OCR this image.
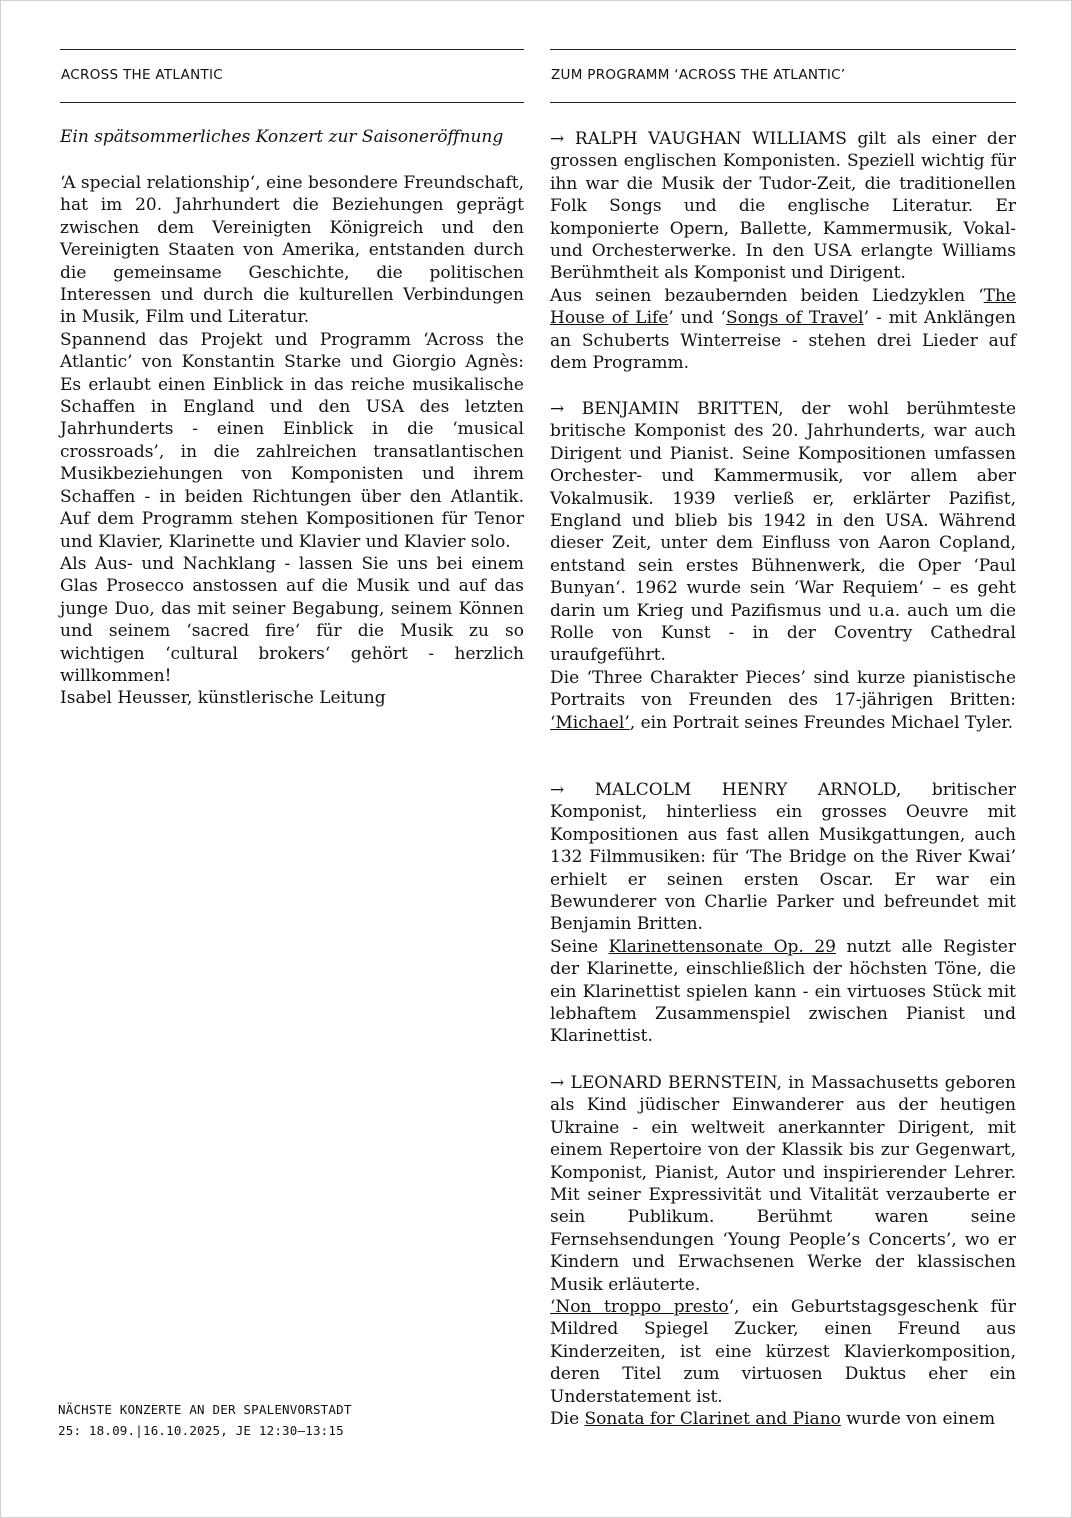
ACROSS THE ATLANTIC
Ein spätsommerliches Konzert zur Saisoneröffnung

‘A special relationship‘, eine besondere Freundschaft, hat im 20. Jahrhundert die Beziehungen geprägt zwischen dem Vereinigten Königreich und den Vereinigten Staaten von Amerika, entstanden durch die gemeinsame Geschichte, die politischen Interessen und durch die kulturellen Verbindungen in Musik, Film und Literatur.

Spannend das Projekt und Programm ‘Across the Atlantic’ von Konstantin Starke und Giorgio Agnès: Es erlaubt einen Einblick in das reiche musikalische Schaffen in England und den USA des letzten Jahrhunderts - einen Einblick in die ‘musical crossroads’, in die zahlreichen transatlantischen Musikbeziehungen von Komponisten und ihrem Schaffen - in beiden Richtungen über den Atlantik. Auf dem Programm stehen Kompositionen für Tenor und Klavier, Klarinette und Klavier und Klavier solo.

Als Aus- und Nachklang - lassen Sie uns bei einem Glas Prosecco anstossen auf die Musik und auf das junge Duo, das mit seiner Begabung, seinem Können und seinem ‘sacred fire‘ für die Musik zu so wichtigen ‘cultural brokers‘ gehört - herzlich willkommen!

Isabel Heusser, künstlerische Leitung

NÄCHSTE KONZERTE AN DER SPALENVORSTADT
25: 18.09.|16.10.2025, JE 12:30–13:15
ZUM PROGRAMM ‘ACROSS THE ATLANTIC’

→ RALPH VAUGHAN WILLIAMS gilt als einer der grossen englischen Komponisten. Speziell wichtig für ihn war die Musik der Tudor-Zeit, die traditionellen Folk Songs und die englische Literatur. Er komponierte Opern, Ballette, Kammermusik, Vokal- und Orchesterwerke. In den USA erlangte Williams Berühmtheit als Komponist und Dirigent.

Aus seinen bezaubernden beiden Liedzyklen ‘The House of Life’ und ‘Songs of Travel’ - mit Anklängen an Schuberts Winterreise - stehen drei Lieder auf dem Programm.

→ BENJAMIN BRITTEN, der wohl berühmteste britische Komponist des 20. Jahrhunderts, war auch Dirigent und Pianist. Seine Kompositionen umfassen Orchester- und Kammermusik, vor allem aber Vokalmusik. 1939 verließ er, erklärter Pazifist, England und blieb bis 1942 in den USA. Während dieser Zeit, unter dem Einfluss von Aaron Copland, entstand sein erstes Bühnenwerk, die Oper ‘Paul Bunyan‘. 1962 wurde sein ‘War Requiem‘ – es geht darin um Krieg und Pazifismus und u.a. auch um die Rolle von Kunst - in der Coventry Cathedral uraufgeführt.

Die ‘Three Charakter Pieces’ sind kurze pianistische Portraits von Freunden des 17-jährigen Britten: ‘Michael’, ein Portrait seines Freundes Michael Tyler.

→ MALCOLM HENRY ARNOLD, britischer Komponist, hinterliess ein grosses Oeuvre mit Kompositionen aus fast allen Musikgattungen, auch 132 Filmmusiken: für ‘The Bridge on the River Kwai’ erhielt er seinen ersten Oscar. Er war ein Bewunderer von Charlie Parker und befreundet mit Benjamin Britten.

Seine Klarinettensonate Op. 29 nutzt alle Register der Klarinette, einschließlich der höchsten Töne, die ein Klarinettist spielen kann - ein virtuoses Stück mit lebhaftem Zusammenspiel zwischen Pianist und Klarinettist.

→ LEONARD BERNSTEIN, in Massachusetts geboren als Kind jüdischer Einwanderer aus der heutigen Ukraine - ein weltweit anerkannter Dirigent, mit einem Repertoire von der Klassik bis zur Gegenwart, Komponist, Pianist, Autor und inspirierender Lehrer. Mit seiner Expressivität und Vitalität verzauberte er sein Publikum. Berühmt waren seine Fernsehsendungen ‘Young People’s Concerts’, wo er Kindern und Erwachsenen Werke der klassischen Musik erläuterte.

‘Non troppo presto‘, ein Geburtstagsgeschenk für Mildred Spiegel Zucker, einen Freund aus Kinderzeiten, ist eine kürzest Klavierkomposition, deren Titel zum virtuosen Duktus eher ein Understatement ist.

Die Sonata for Clarinet and Piano wurde von einem
